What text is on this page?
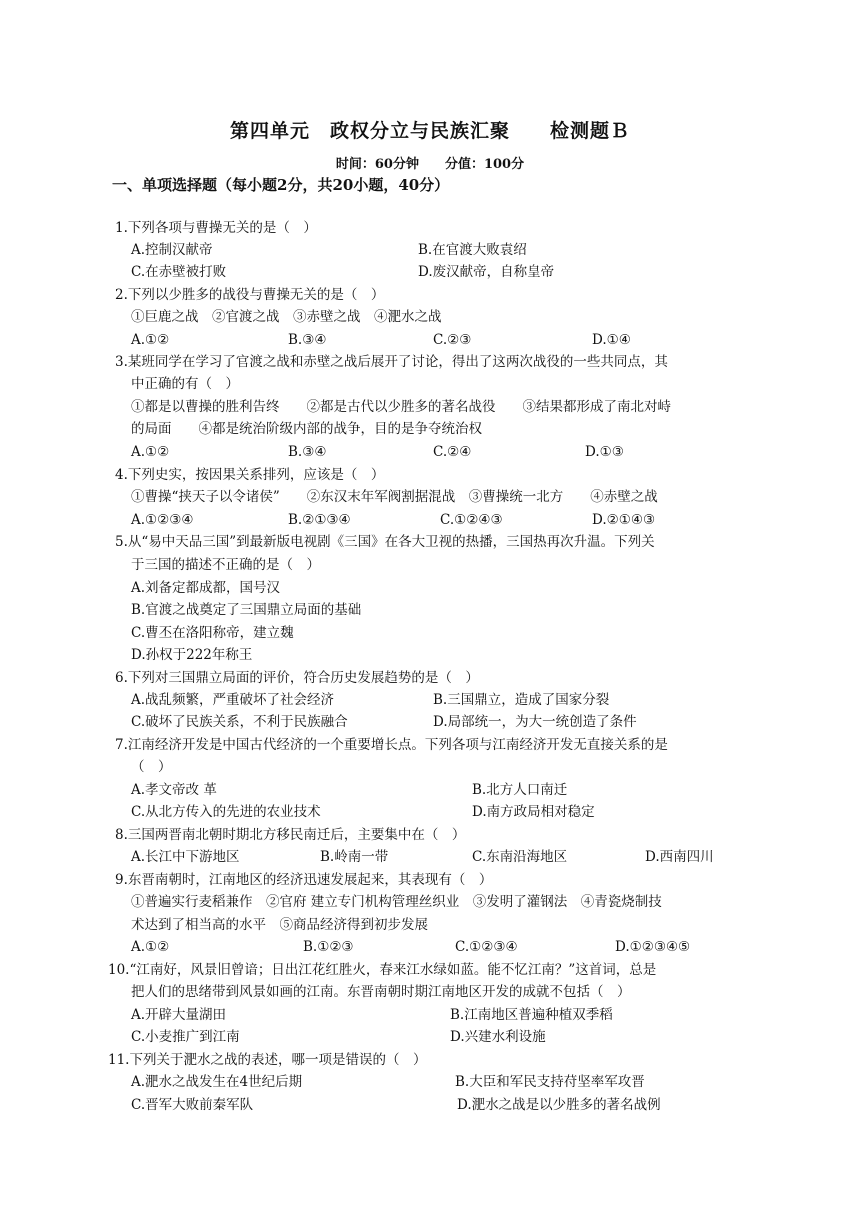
第四单元　政权分立与民族汇聚　　检测题Ｂ
时间：60分钟　　分值：100分
一、单项选择题（每小题2分，共20小题，40分）
1.下列各项与曹操无关的是（　）
A.控制汉献帝	B.在官渡大败袁绍
C.在赤壁被打败	D.废汉献帝，自称皇帝
2.下列以少胜多的战役与曹操无关的是（　）
①巨鹿之战　②官渡之战　③赤壁之战　④淝水之战
A.①②	B.③④	C.②③	D.①④
3.某班同学在学习了官渡之战和赤壁之战后展开了讨论，得出了这两次战役的一些共同点，其
中正确的有（　）
①都是以曹操的胜利告终　　②都是古代以少胜多的著名战役　　③结果都形成了南北对峙
的局面　　④都是统治阶级内部的战争，目的是争夺统治权
A.①②	B.③④	C.②④	D.①③
4.下列史实，按因果关系排列，应该是（　）
①曹操“挟天子以令诸侯”　　②东汉末年军阀割据混战　③曹操统一北方　　④赤壁之战
A.①②③④	B.②①③④	C.①②④③	D.②①④③
5.从“易中天品三国”到最新版电视剧《三国》在各大卫视的热播，三国热再次升温。下列关
于三国的描述不正确的是（　）
A.刘备定都成都，国号汉
B.官渡之战奠定了三国鼎立局面的基础
C.曹丕在洛阳称帝，建立魏
D.孙权于222年称王
6.下列对三国鼎立局面的评价，符合历史发展趋势的是（　）
A.战乱频繁，严重破坏了社会经济	B.三国鼎立，造成了国家分裂
C.破坏了民族关系，不利于民族融合	D.局部统一，为大一统创造了条件
7.江南经济开发是中国古代经济的一个重要增长点。下列各项与江南经济开发无直接关系的是
（　）
A.孝文帝改 革	B.北方人口南迁
C.从北方传入的先进的农业技术	D.南方政局相对稳定
8.三国两晋南北朝时期北方移民南迁后，主要集中在（　）
A.长江中下游地区	B.岭南一带	C.东南沿海地区	D.西南四川
9.东晋南朝时，江南地区的经济迅速发展起来，其表现有（　）
①普遍实行麦稻兼作　②官府 建立专门机构管理丝织业　③发明了灌钢法　④青瓷烧制技
术达到了相当高的水平　⑤商品经济得到初步发展
A.①②	B.①②③	C.①②③④	D.①②③④⑤
10.“江南好，风景旧曾谙；日出江花红胜火，春来江水绿如蓝。能不忆江南？”这首词，总是
把人们的思绪带到风景如画的江南。东晋南朝时期江南地区开发的成就不包括（　）
A.开辟大量湖田	B.江南地区普遍种植双季稻
C.小麦推广到江南	D.兴建水利设施
11.下列关于淝水之战的表述，哪一项是错误的（　）
A.淝水之战发生在4世纪后期	B.大臣和军民支持苻坚率军攻晋
C.晋军大败前秦军队	D.淝水之战是以少胜多的著名战例
